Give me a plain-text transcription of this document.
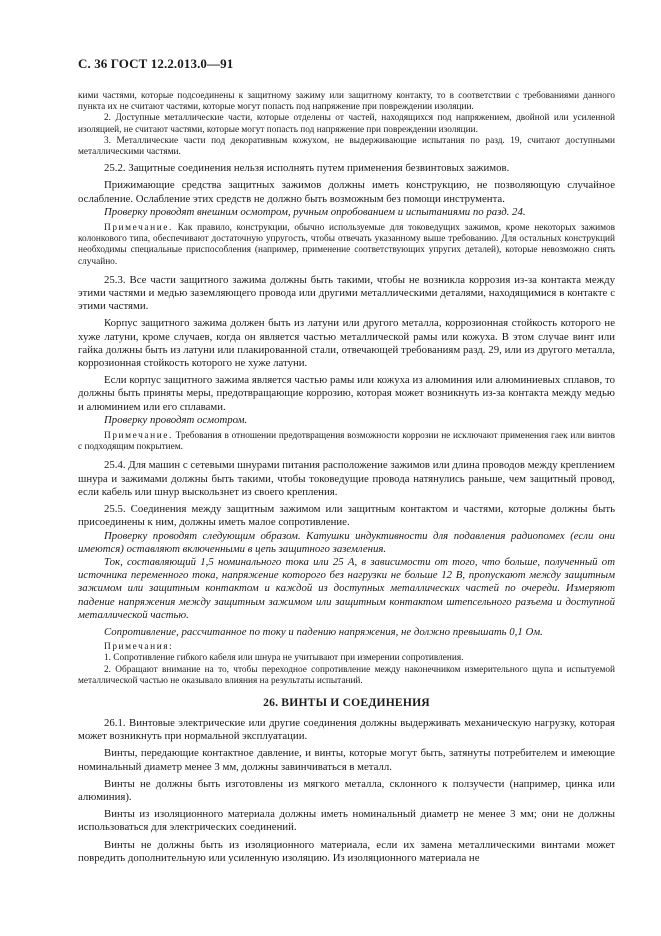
С. 36 ГОСТ 12.2.013.0—91

кими частями, которые подсоединены к защитному зажиму или защитному контакту, то в соответствии с требованиями данного пункта их не считают частями, которые могут попасть под напряжение при повреждении изоляции.

2. Доступные металлические части, которые отделены от частей, находящихся под напряжением, двойной или усиленной изоляцией, не считают частями, которые могут попасть под напряжение при повреждении изоляции.

3. Металлические части под декоративным кожухом, не выдерживающие испытания по разд. 19, считают доступными металлическими частями.

25.2. Защитные соединения нельзя исполнять путем применения безвинтовых зажимов.

Прижимающие средства защитных зажимов должны иметь конструкцию, не позволяющую случайное ослабление. Ослабление этих средств не должно быть возможным без помощи инструмента.

Проверку проводят внешним осмотром, ручным опробованием и испытаниями по разд. 24.

Примечание. Как правило, конструкции, обычно используемые для токоведущих зажимов, кроме некоторых зажимов колонкового типа, обеспечивают достаточную упругость, чтобы отвечать указанному выше требованию. Для остальных конструкций необходимы специальные приспособления (например, применение соответствующих упругих деталей), которые невозможно снять случайно.

25.3. Все части защитного зажима должны быть такими, чтобы не возникла коррозия из-за контакта между этими частями и медью заземляющего провода или другими металлическими деталями, находящимися в контакте с этими частями.

Корпус защитного зажима должен быть из латуни или другого металла, коррозионная стойкость которого не хуже латуни, кроме случаев, когда он является частью металлической рамы или кожуха. В этом случае винт или гайка должны быть из латуни или плакированной стали, отвечающей требованиям разд. 29, или из другого металла, коррозионная стойкость которого не хуже латуни.

Если корпус защитного зажима является частью рамы или кожуха из алюминия или алюминиевых сплавов, то должны быть приняты меры, предотвращающие коррозию, которая может возникнуть из-за контакта между медью и алюминием или его сплавами.

Проверку проводят осмотром.

Примечание. Требования в отношении предотвращения возможности коррозии не исключают применения гаек или винтов с подходящим покрытием.

25.4. Для машин с сетевыми шнурами питания расположение зажимов или длина проводов между креплением шнура и зажимами должны быть такими, чтобы токоведущие провода натянулись раньше, чем защитный провод, если кабель или шнур выскользнет из своего крепления.

25.5. Соединения между защитным зажимом или защитным контактом и частями, которые должны быть присоединены к ним, должны иметь малое сопротивление.

Проверку проводят следующим образом. Катушки индуктивности для подавления радиопомех (если они имеются) оставляют включенными в цепь защитного заземления.

Ток, составляющий 1,5 номинального тока или 25 А, в зависимости от того, что больше, полученный от источника переменного тока, напряжение которого без нагрузки не больше 12 В, пропускают между защитным зажимом или защитным контактом и каждой из доступных металлических частей по очереди. Измеряют падение напряжения между защитным зажимом или защитным контактом штепсельного разъема и доступной металлической частью.

Сопротивление, рассчитанное по току и падению напряжения, не должно превышать 0,1 Ом.

Примечания:

1. Сопротивление гибкого кабеля или шнура не учитывают при измерении сопротивления.

2. Обращают внимание на то, чтобы переходное сопротивление между наконечником измерительного щупа и испытуемой металлической частью не оказывало влияния на результаты испытаний.

26. ВИНТЫ И СОЕДИНЕНИЯ

26.1. Винтовые электрические или другие соединения должны выдерживать механическую нагрузку, которая может возникнуть при нормальной эксплуатации.

Винты, передающие контактное давление, и винты, которые могут быть, затянуты потребителем и имеющие номинальный диаметр менее 3 мм, должны завинчиваться в металл.

Винты не должны быть изготовлены из мягкого металла, склонного к ползучести (например, цинка или алюминия).

Винты из изоляционного материала должны иметь номинальный диаметр не менее 3 мм; они не должны использоваться для электрических соединений.

Винты не должны быть из изоляционного материала, если их замена металлическими винтами может повредить дополнительную или усиленную изоляцию. Из изоляционного материала не
